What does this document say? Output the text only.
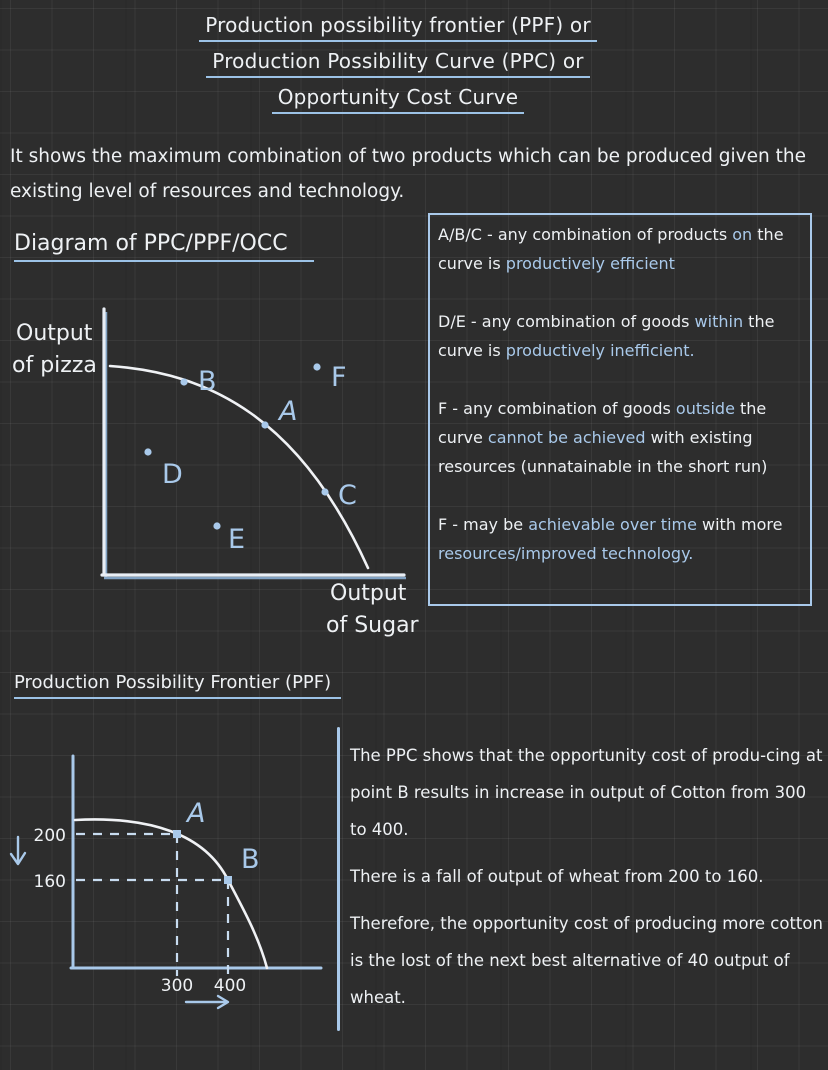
Production possibility frontier (PPF) or
Production Possibility Curve (PPC) or
Opportunity Cost Curve

It shows the maximum combination of two products which can be produced given the existing level of resources and technology.

Diagram of PPC/PPF/OCC
B
A
C
D
E
F
Output
of pizza
Output
of Sugar

A/B/C - any combination of products on the curve is productively efficient

D/E - any combination of goods within the curve is productively inefficient.

F - any combination of goods outside the curve cannot be achieved with existing resources (unnatainable in the short run)

F - may be achievable over time with more resources/improved technology.

Production Possibility Frontier (PPF)
A
B
200
160
300 400

The PPC shows that the opportunity cost of produ-cing at point B results in increase in output of Cotton from 300 to 400.

There is a fall of output of wheat from 200 to 160.

Therefore, the opportunity cost of producing more cotton is the lost of the next best alternative of 40 output of wheat.
